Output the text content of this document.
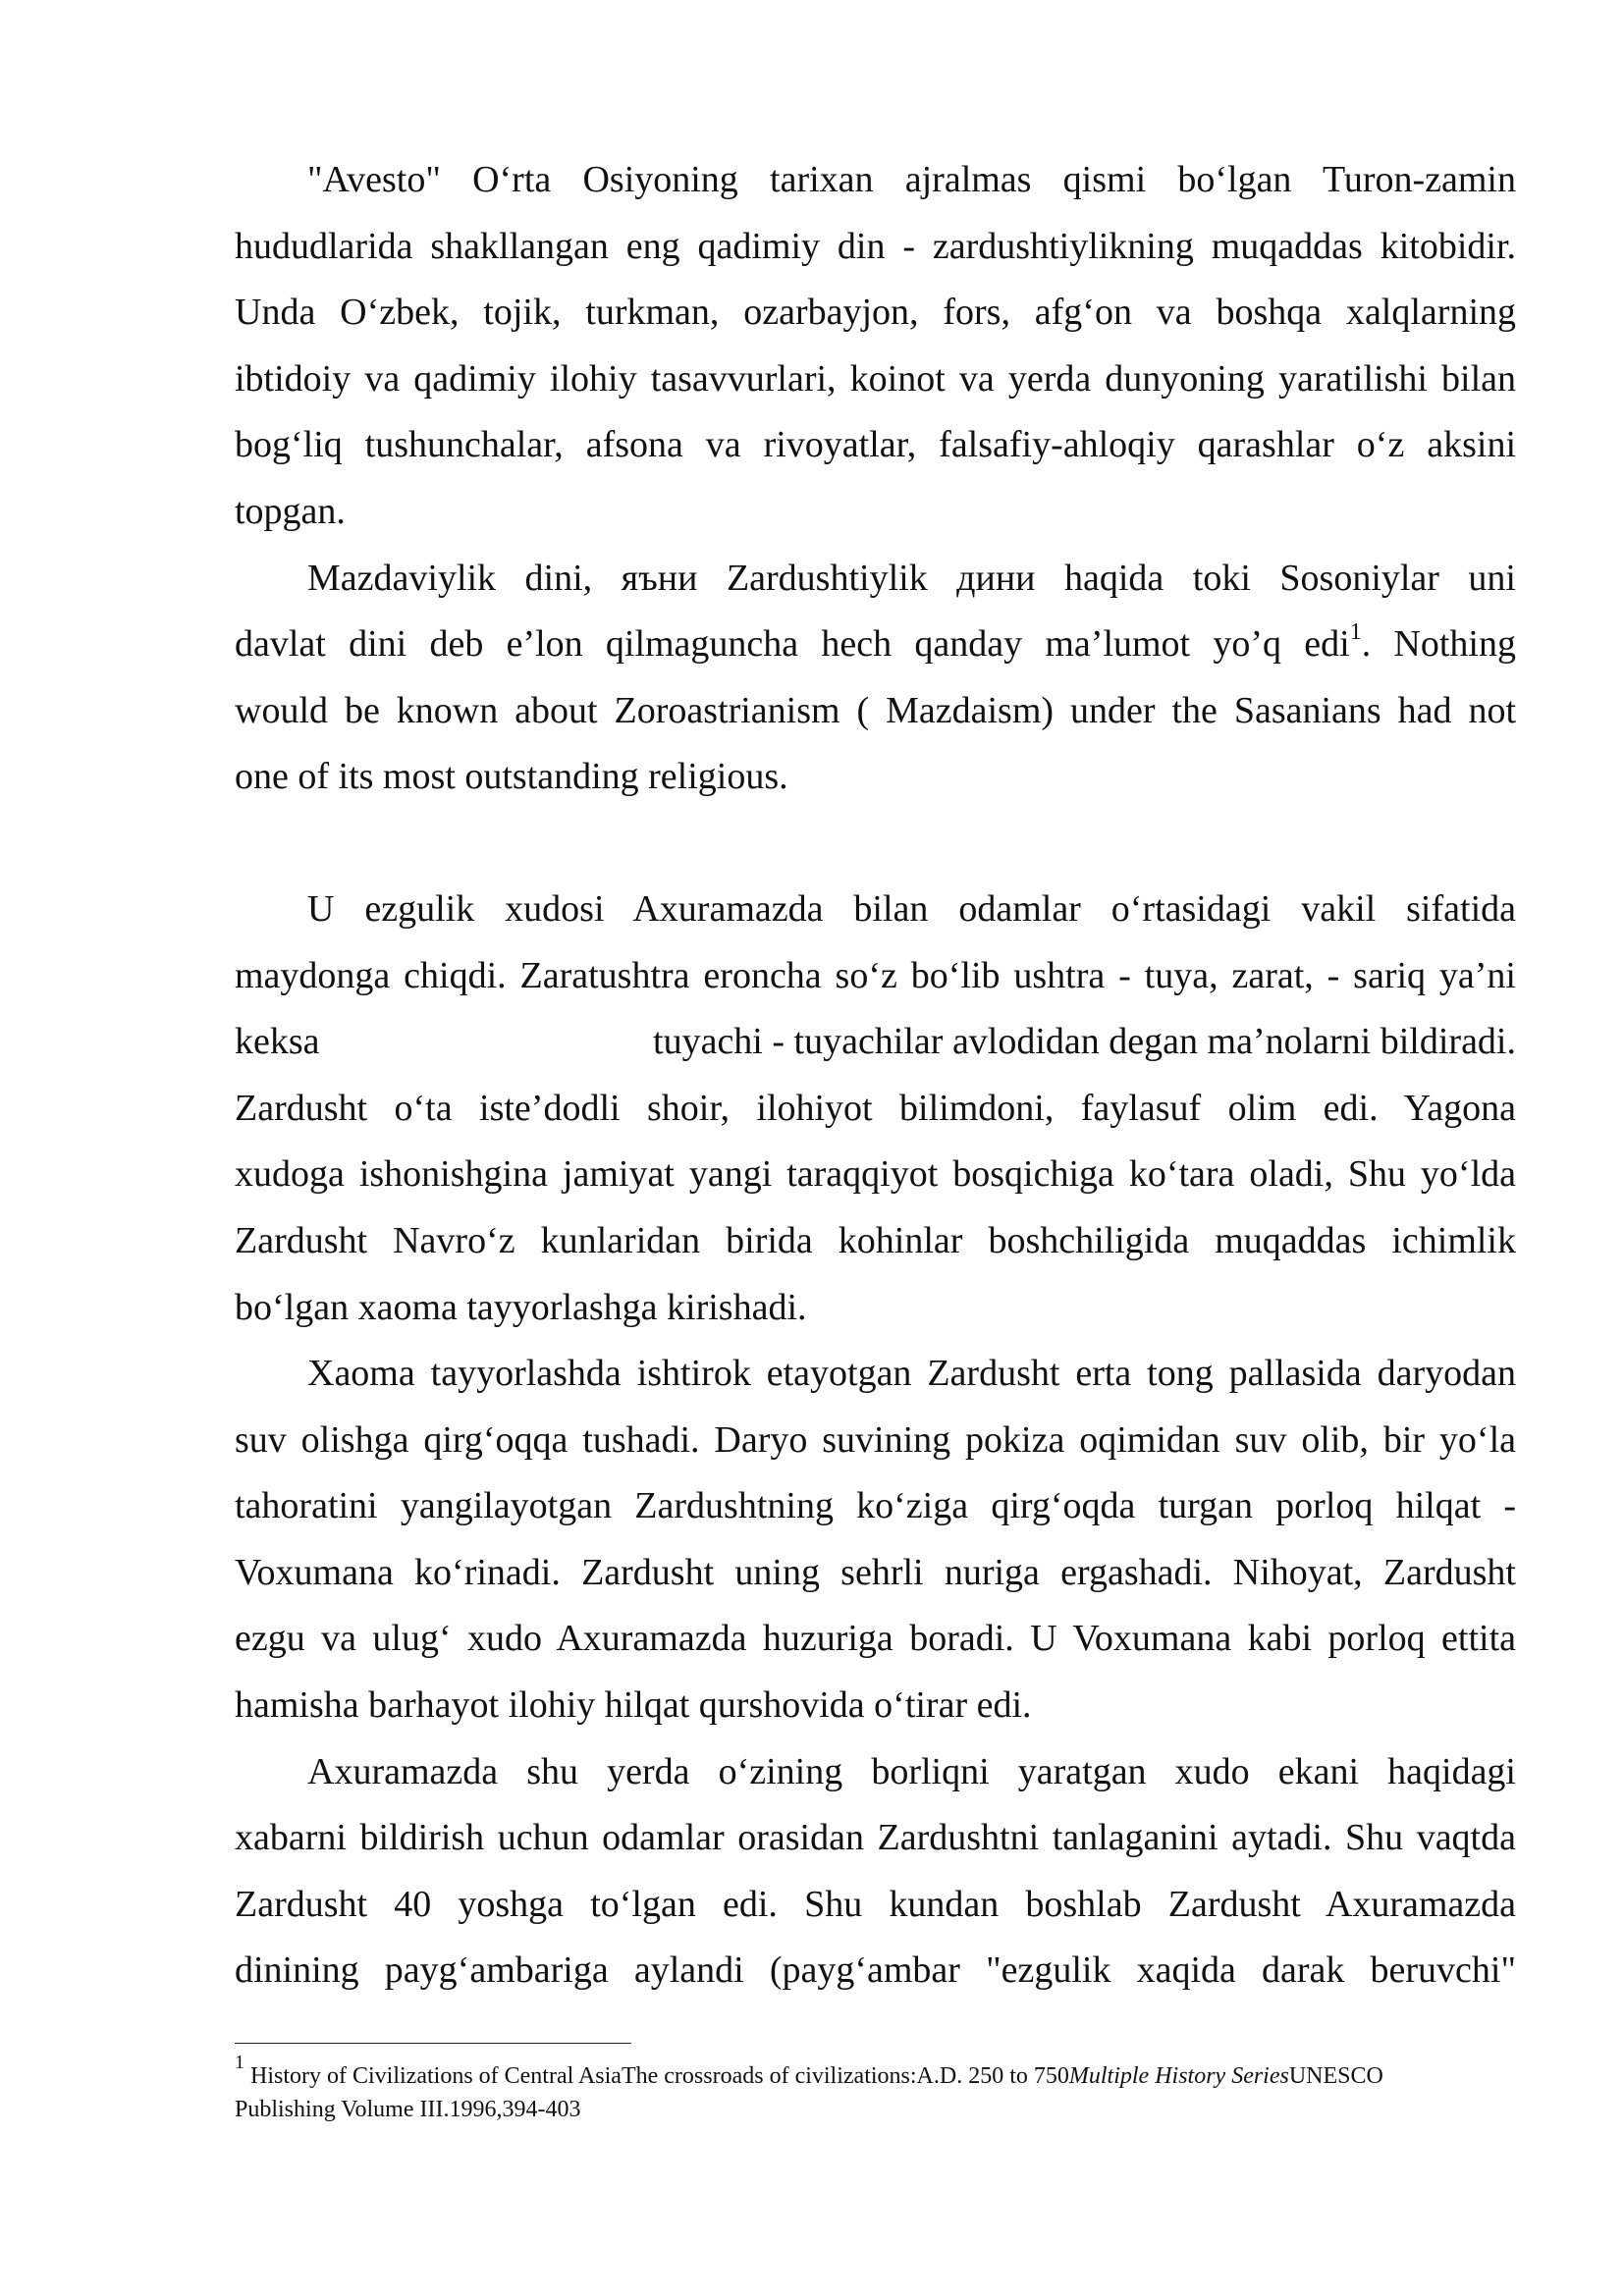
"Avesto" O‘rta Osiyoning tarixan ajralmas qismi bo‘lgan Turon-zamin
hududlarida shakllangan eng qadimiy din - zardushtiylikning muqaddas kitobidir.
Unda O‘zbek, tojik, turkman, ozarbayjon, fors, afg‘on va boshqa xalqlarning
ibtidoiy va qadimiy ilohiy tasavvurlari, koinot va yerda dunyoning yaratilishi bilan
bog‘liq tushunchalar, afsona va rivoyatlar, falsafiy-ahloqiy qarashlar o‘z aksini
topgan.
Mazdaviylik dini, яъни Zardushtiylik дини haqida toki Sosoniylar uni
davlat dini deb e’lon qilmaguncha hech qanday ma’lumot yo’q edi$^1$. Nothing
would be known about Zoroastrianism ( Mazdaism) under the Sasanians had not
one of its most outstanding religious.
U ezgulik xudosi Axuramazda bilan odamlar o‘rtasidagi vakil sifatida
maydonga chiqdi. Zaratushtra eroncha so‘z bo‘lib ushtra - tuya, zarat, - sariq ya’ni
keksa	tuyachi - tuyachilar avlodidan degan ma’nolarni bildiradi.
Zardusht o‘ta iste’dodli shoir, ilohiyot bilimdoni, faylasuf olim edi. Yagona
xudoga ishonishgina jamiyat yangi taraqqiyot bosqichiga ko‘tara oladi, Shu yo‘lda
Zardusht Navro‘z kunlaridan birida kohinlar boshchiligida muqaddas ichimlik
bo‘lgan xaoma tayyorlashga kirishadi.
Xaoma tayyorlashda ishtirok etayotgan Zardusht erta tong pallasida daryodan
suv olishga qirg‘oqqa tushadi. Daryo suvining pokiza oqimidan suv olib, bir yo‘la
tahoratini yangilayotgan Zardushtning ko‘ziga qirg‘oqda turgan porloq hilqat -
Voxumana ko‘rinadi. Zardusht uning sehrli nuriga ergashadi. Nihoyat, Zardusht
ezgu va ulug‘ xudo Axuramazda huzuriga boradi. U Voxumana kabi porloq ettita
hamisha barhayot ilohiy hilqat qurshovida o‘tirar edi.
Axuramazda shu yerda o‘zining borliqni yaratgan xudo ekani haqidagi
xabarni bildirish uchun odamlar orasidan Zardushtni tanlaganini aytadi. Shu vaqtda
Zardusht 40 yoshga to‘lgan edi. Shu kundan boshlab Zardusht Axuramazda
dinining payg‘ambariga aylandi (payg‘ambar "ezgulik xaqida darak beruvchi"
$^1$ History of Civilizations of Central AsiaThe crossroads of civilizations:A.D. 250 to 750Multiple History SeriesUNESCO
Publishing Volume III.1996,394-403
